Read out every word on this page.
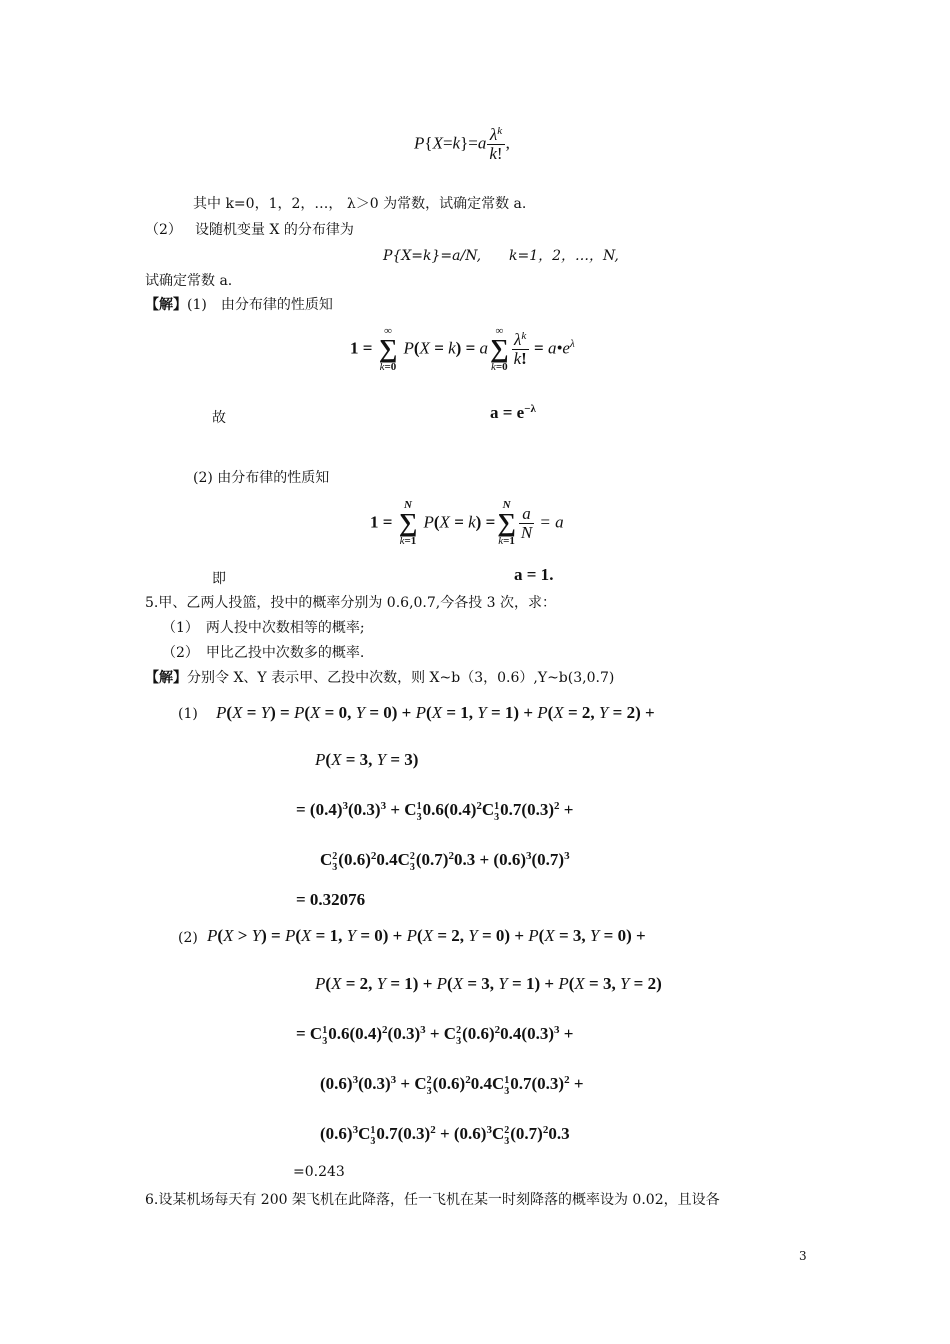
$P\{X=k\}=a \frac{\lambda^k}{k!}$ ,
其中 k=0，1，2，…， λ＞0 为常数，试确定常数 a.
（2） 设随机变量 X 的分布律为
P{X=k}=a/N,　　k=1，2，…，N,
试确定常数 a.
【解】(1)　由分布律的性质知
1 =
∞
∑
k=0
P(X = k) = a
∞
∑
$k=0 \frac{\lambda^k}{k!}$ = $a•e^\lambda$
故	$a = e^{-\lambda}$
(2) 由分布律的性质知
1 =
N
∑
k=1
P(X = k) =
N
∑
$k=1 \frac{a}{N} = a$
即	a = 1.
5.甲、乙两人投篮，投中的概率分别为 0.6,0.7,今各投 3 次，求：
（1）　两人投中次数相等的概率;
（2）　甲比乙投中次数多的概率.
【解】分别令 X、Y 表示甲、乙投中次数，则 X~b（3，0.6）,Y~b(3,0.7)
(1) P(X = Y) = P(X = 0, Y = 0) + P(X = 1, Y = 1) + P(X = 2, Y = 2) +
P(X = 3, Y = 3)
= $(0.4)^3(0.3)^3 + C$ 1
3 $0.6(0.4)^2C$ 1
3 $0.7(0.3)^2$ +
C 2
3 $(0.6)^20.4C$ 2
3 $(0.7)^20.3 + (0.6)^3(0.7)^3$
= 0.32076
(2) P(X > Y) = P(X = 1, Y = 0) + P(X = 2, Y = 0) + P(X = 3, Y = 0) +
P(X = 2, Y = 1) + P(X = 3, Y = 1) + P(X = 3, Y = 2)
= C 1
3 $0.6(0.4)^2(0.3)^3 + C$ 2
3 $(0.6)^20.4(0.3)^3$ +
$(0.6)^3(0.3)^3 + C$ 2
3 $(0.6)^20.4C$ 1
3 $0.7(0.3)^2$ +
$(0.6)^3C$ 1
3 $0.7(0.3)^2 + (0.6)^3C$ 2
3 $(0.7)^20.3$
=0.243
6.设某机场每天有 200 架飞机在此降落，任一飞机在某一时刻降落的概率设为 0.02，且设各
3
